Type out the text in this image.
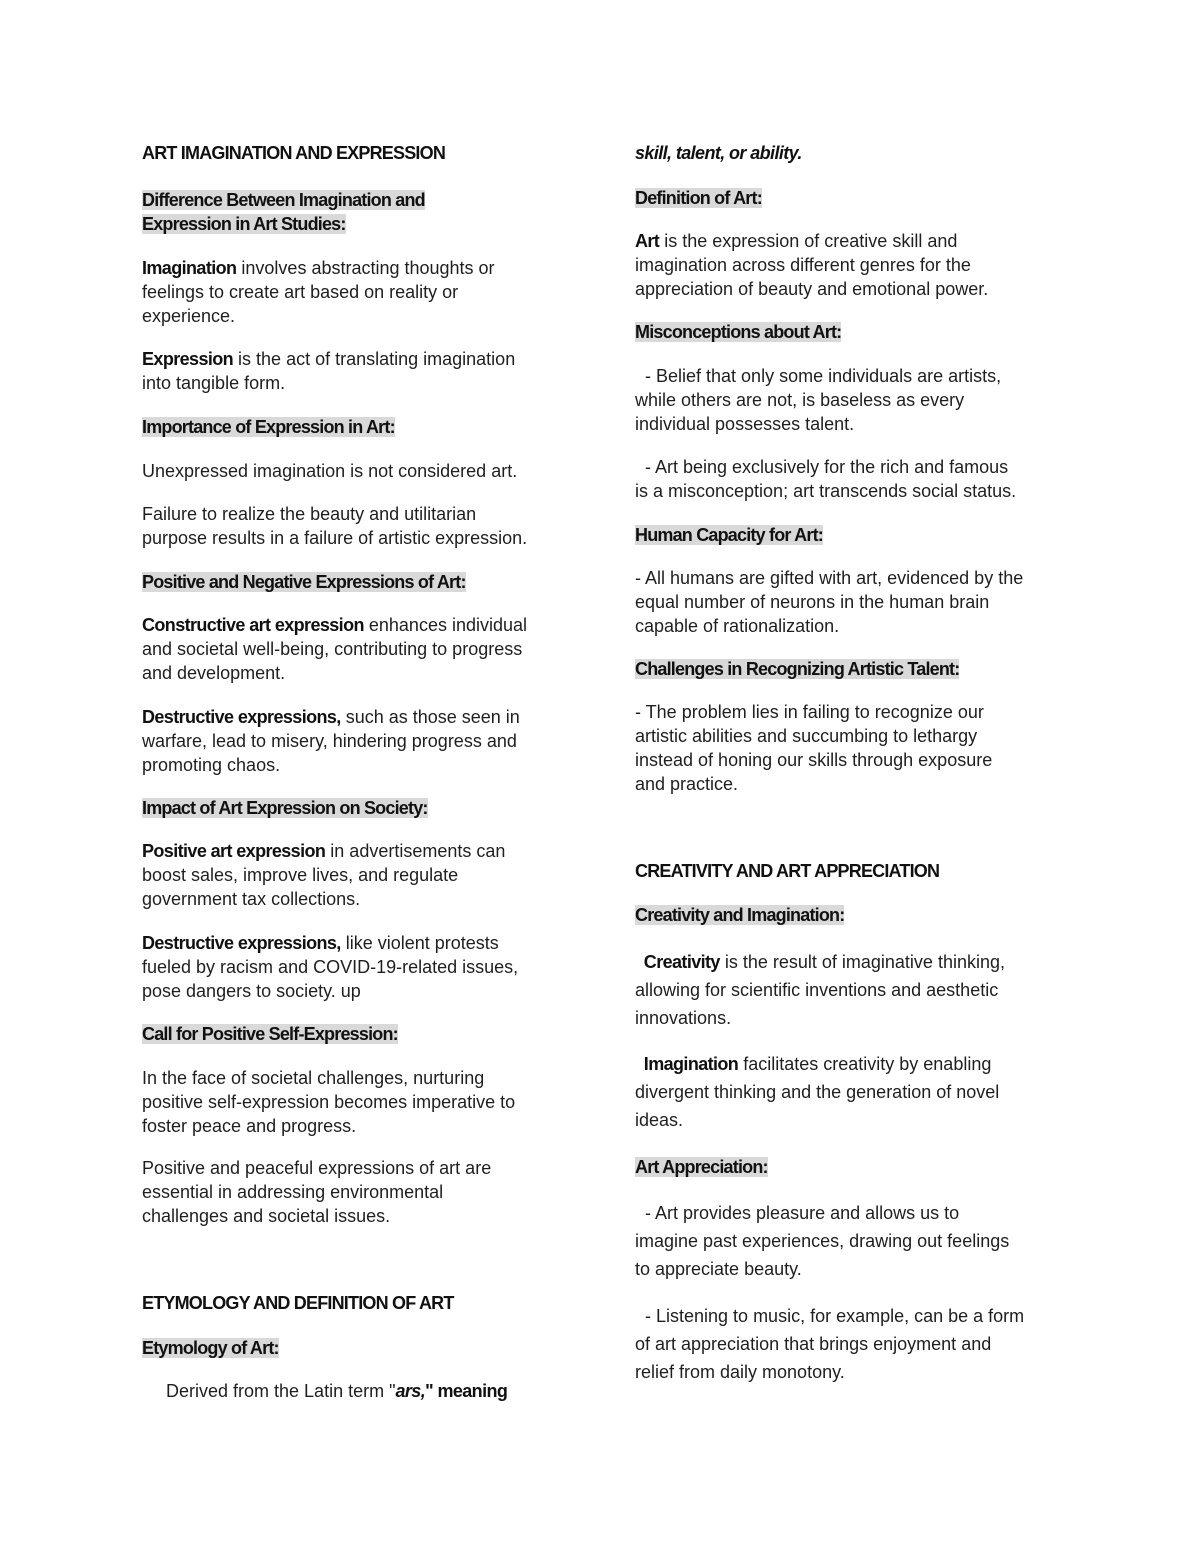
ART IMAGINATION AND EXPRESSION
Difference Between Imagination and
Expression in Art Studies:
Imagination involves abstracting thoughts or
feelings to create art based on reality or
experience.
Expression is the act of translating imagination
into tangible form.
Importance of Expression in Art:
Unexpressed imagination is not considered art.
Failure to realize the beauty and utilitarian
purpose results in a failure of artistic expression.
Positive and Negative Expressions of Art:
Constructive art expression enhances individual
and societal well-being, contributing to progress
and development.
Destructive expressions, such as those seen in
warfare, lead to misery, hindering progress and
promoting chaos.
Impact of Art Expression on Society:
Positive art expression in advertisements can
boost sales, improve lives, and regulate
government tax collections.
Destructive expressions, like violent protests
fueled by racism and COVID-19-related issues,
pose dangers to society. up
Call for Positive Self-Expression:
In the face of societal challenges, nurturing
positive self-expression becomes imperative to
foster peace and progress.
Positive and peaceful expressions of art are
essential in addressing environmental
challenges and societal issues.
ETYMOLOGY AND DEFINITION OF ART
Etymology of Art:
Derived from the Latin term "ars," meaning
skill, talent, or ability.
Definition of Art:
Art is the expression of creative skill and
imagination across different genres for the
appreciation of beauty and emotional power.
Misconceptions about Art:
- Belief that only some individuals are artists,
while others are not, is baseless as every
individual possesses talent.
- Art being exclusively for the rich and famous
is a misconception; art transcends social status.
Human Capacity for Art:
- All humans are gifted with art, evidenced by the
equal number of neurons in the human brain
capable of rationalization.
Challenges in Recognizing Artistic Talent:
- The problem lies in failing to recognize our
artistic abilities and succumbing to lethargy
instead of honing our skills through exposure
and practice.
CREATIVITY AND ART APPRECIATION
Creativity and Imagination:
Creativity is the result of imaginative thinking,
allowing for scientific inventions and aesthetic
innovations.
Imagination facilitates creativity by enabling
divergent thinking and the generation of novel
ideas.
Art Appreciation:
- Art provides pleasure and allows us to
imagine past experiences, drawing out feelings
to appreciate beauty.
- Listening to music, for example, can be a form
of art appreciation that brings enjoyment and
relief from daily monotony.
